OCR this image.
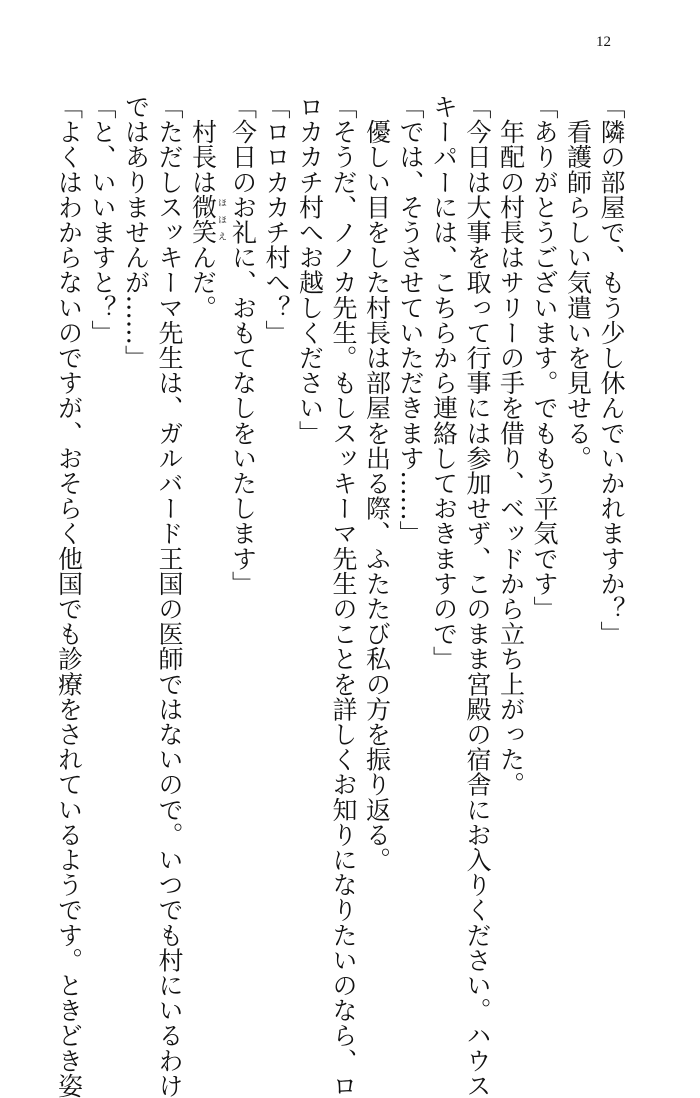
12
「隣の部屋で、もう少し休んでいかれますか？」
　看護師らしい気遣いを見せる。
「ありがとうございます。でももう平気です」
　年配の村長はサリーの手を借り、ベッドから立ち上がった。
「今日は大事を取って行事には参加せず、このまま宮殿の宿舎にお入りください。ハウス
キーパーには、こちらから連絡しておきますので」
「では、そうさせていただきます……」
　優しい目をした村長は部屋を出る際、ふたたび私の方を振り返る。
「そうだ、ノノカ先生。もしスッキーマ先生のことを詳しくお知りになりたいのなら、ロ
ロカカチ村へお越しください」
「ロロカカチ村へ？」
「今日のお礼に、おもてなしをいたします」
　村長は微笑ほほえんだ。
「ただしスッキーマ先生は、ガルバード王国の医師ではないので。いつでも村にいるわけ
ではありませんが……」
「と、いいますと？」
「よくはわからないのですが、おそらく他国でも診療をされているようです。ときどき姿
